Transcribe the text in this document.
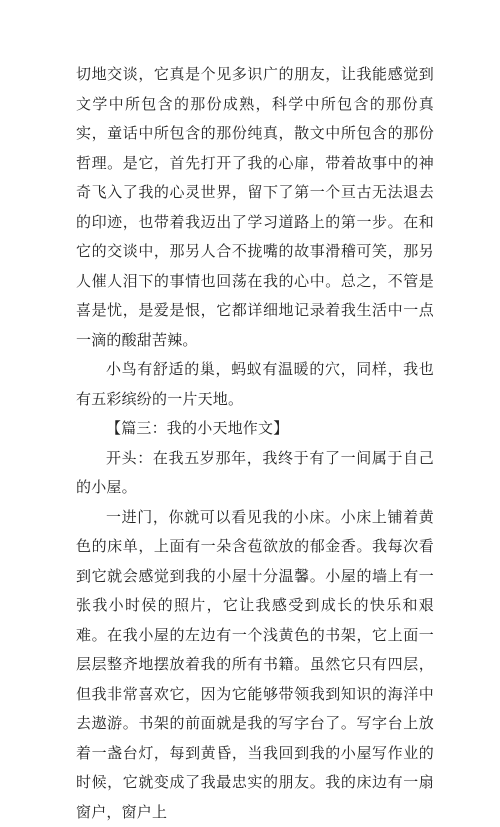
切地交谈，它真是个见多识广的朋友，让我能感觉到文学中所包含的那份成熟，科学中所包含的那份真实，童话中所包含的那份纯真，散文中所包含的那份哲理。是它，首先打开了我的心扉，带着故事中的神奇飞入了我的心灵世界，留下了第一个亘古无法退去的印迹，也带着我迈出了学习道路上的第一步。在和它的交谈中，那另人合不拢嘴的故事滑稽可笑，那另人催人泪下的事情也回荡在我的心中。总之，不管是喜是忧，是爱是恨，它都详细地记录着我生活中一点一滴的酸甜苦辣。

小鸟有舒适的巢，蚂蚁有温暖的穴，同样，我也有五彩缤纷的一片天地。

【篇三：我的小天地作文】

开头：在我五岁那年，我终于有了一间属于自己的小屋。

一进门，你就可以看见我的小床。小床上铺着黄色的床单，上面有一朵含苞欲放的郁金香。我每次看到它就会感觉到我的小屋十分温馨。小屋的墙上有一张我小时侯的照片，它让我感受到成长的快乐和艰难。在我小屋的左边有一个浅黄色的书架，它上面一层层整齐地摆放着我的所有书籍。虽然它只有四层，但我非常喜欢它，因为它能够带领我到知识的海洋中去遨游。书架的前面就是我的写字台了。写字台上放着一盏台灯，每到黄昏，当我回到我的小屋写作业的时候，它就变成了我最忠实的朋友。我的床边有一扇窗户，窗户上
